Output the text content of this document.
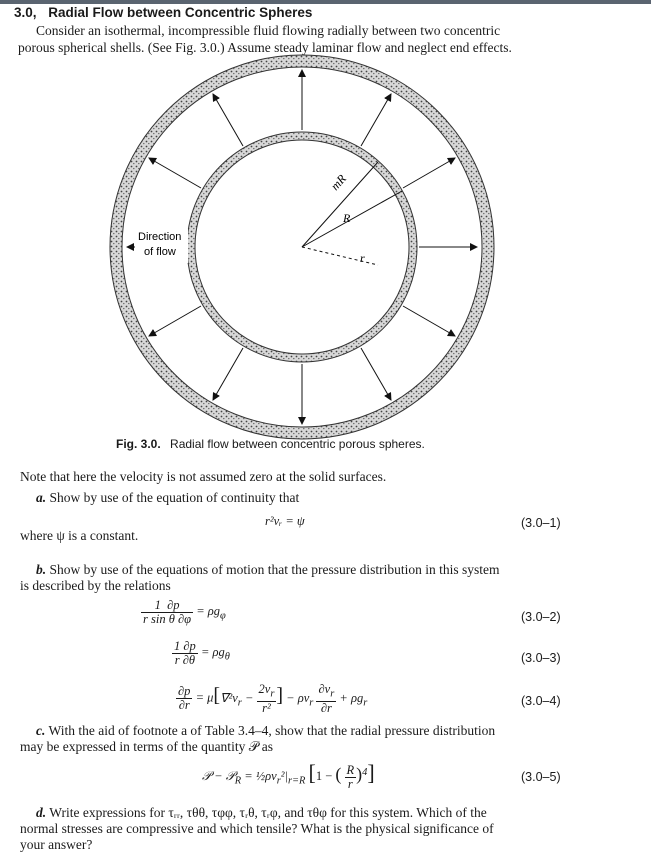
3.0, Radial Flow between Concentric Spheres
Consider an isothermal, incompressible fluid flowing radially between two concentric
porous spherical shells. (See Fig. 3.0.) Assume steady laminar flow and neglect end effects.
mR
R
r
Direction
of flow
Fig. 3.0. Radial flow between concentric porous spheres.
Note that here the velocity is not assumed zero at the solid surfaces.
a. Show by use of the equation of continuity that
r²vᵣ = ψ	(3.0–1)
where ψ is a constant.
b. Show by use of the equations of motion that the pressure distribution in this system
is described by the relations
$\frac{1 \partial p}{\text{r sin θ ∂φ}} = \rho g_\varphi$	(3.0–2)
$\frac{1 \partial p}{r \partial\theta} = \rho g_\theta$	(3.0–3)
$\frac{\partial p}{\partial r} = \mu[\nabla^2v_r - \frac{2v_r}{\text{r²}}$ ] − $\rho v_r \frac{\partial v_r}{\partial r} + \rho g_r$	(3.0–4)
c. With the aid of footnote a of Table 3.4–4, show that the radial pressure distribution
may be expressed in terms of the quantity 𝒫 as
𝒫 − 𝒫$_R$ = $\frac{1}{2}\rho v_r^2|_{r=R}$ [1 − ( $\frac{R}{r} )^4$]	(3.0–5)
d. Write expressions for τᵣᵣ, τθθ, τφφ, τᵣθ, τᵣφ, and τθφ for this system. Which of the
normal stresses are compressive and which tensile? What is the physical significance of
your answer?
